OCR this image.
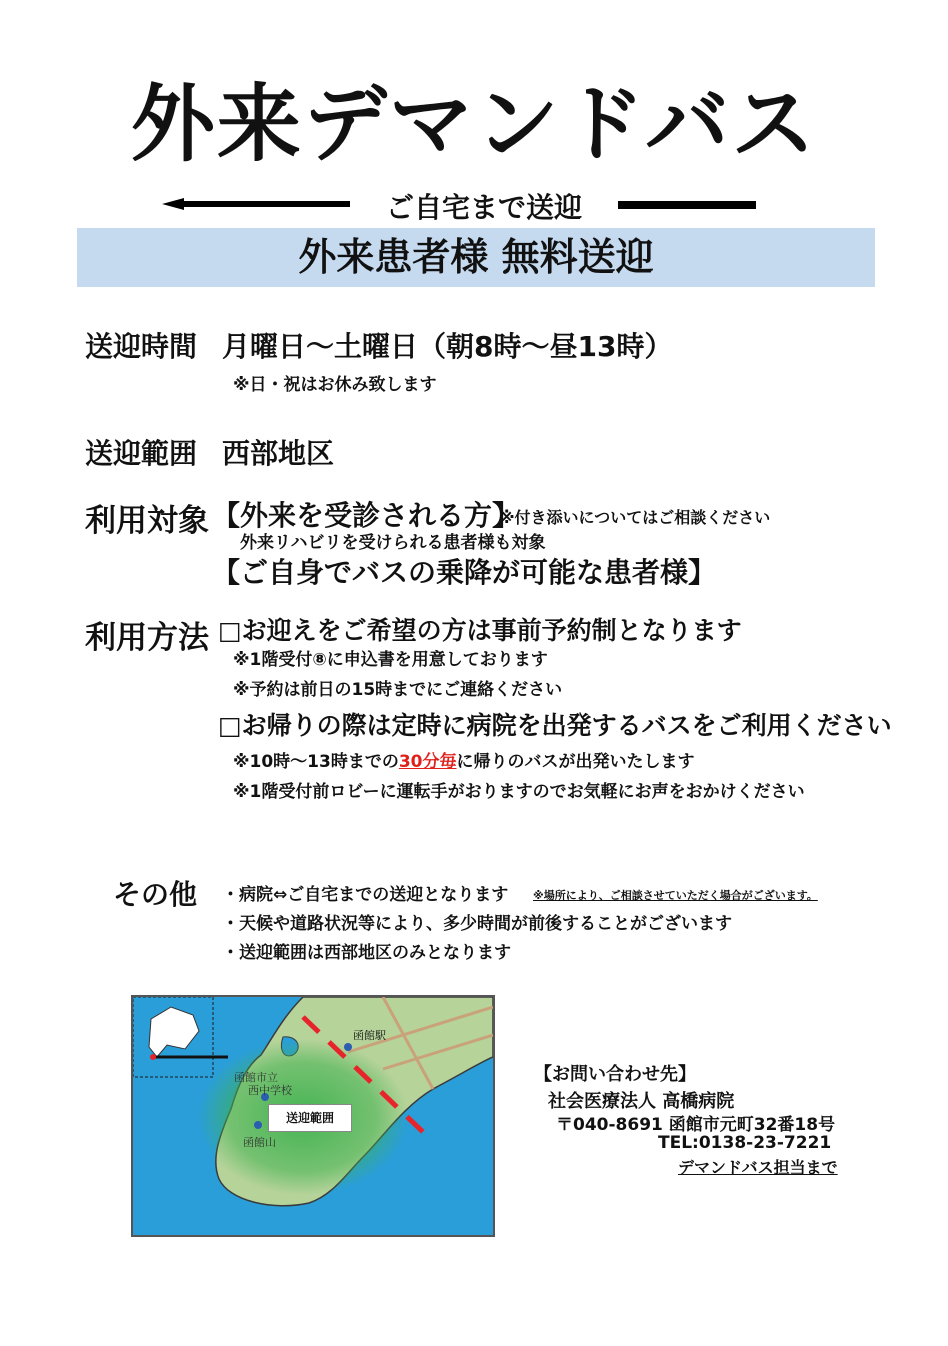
外来デマンドバス
ご自宅まで送迎
外来患者様 無料送迎
送迎時間 月曜日～土曜日（朝8時～昼13時）
※日・祝はお休み致します
送迎範囲 西部地区
利用対象 【外来を受診される方】
※付き添いについてはご相談ください
外来リハビリを受けられる患者様も対象
【ご自身でバスの乗降が可能な患者様】
利用方法 □お迎えをご希望の方は事前予約制となります
※1階受付⑧に申込書を用意しております
※予約は前日の15時までにご連絡ください
□お帰りの際は定時に病院を出発するバスをご利用ください
※10時～13時までの30分毎に帰りのバスが出発いたします
※1階受付前ロビーに運転手がおりますのでお気軽にお声をおかけください
その他 ・病院⇔ご自宅までの送迎となります ※場所により、ご相談させていただく場合がございます。
・天候や道路状況等により、多少時間が前後することがございます
・送迎範囲は西部地区のみとなります
函館駅
函館市立
西中学校
函館山
送迎範囲
【お問い合わせ先】
社会医療法人 高橋病院
〒040-8691 函館市元町32番18号
TEL:0138-23-7221
デマンドバス担当まで
